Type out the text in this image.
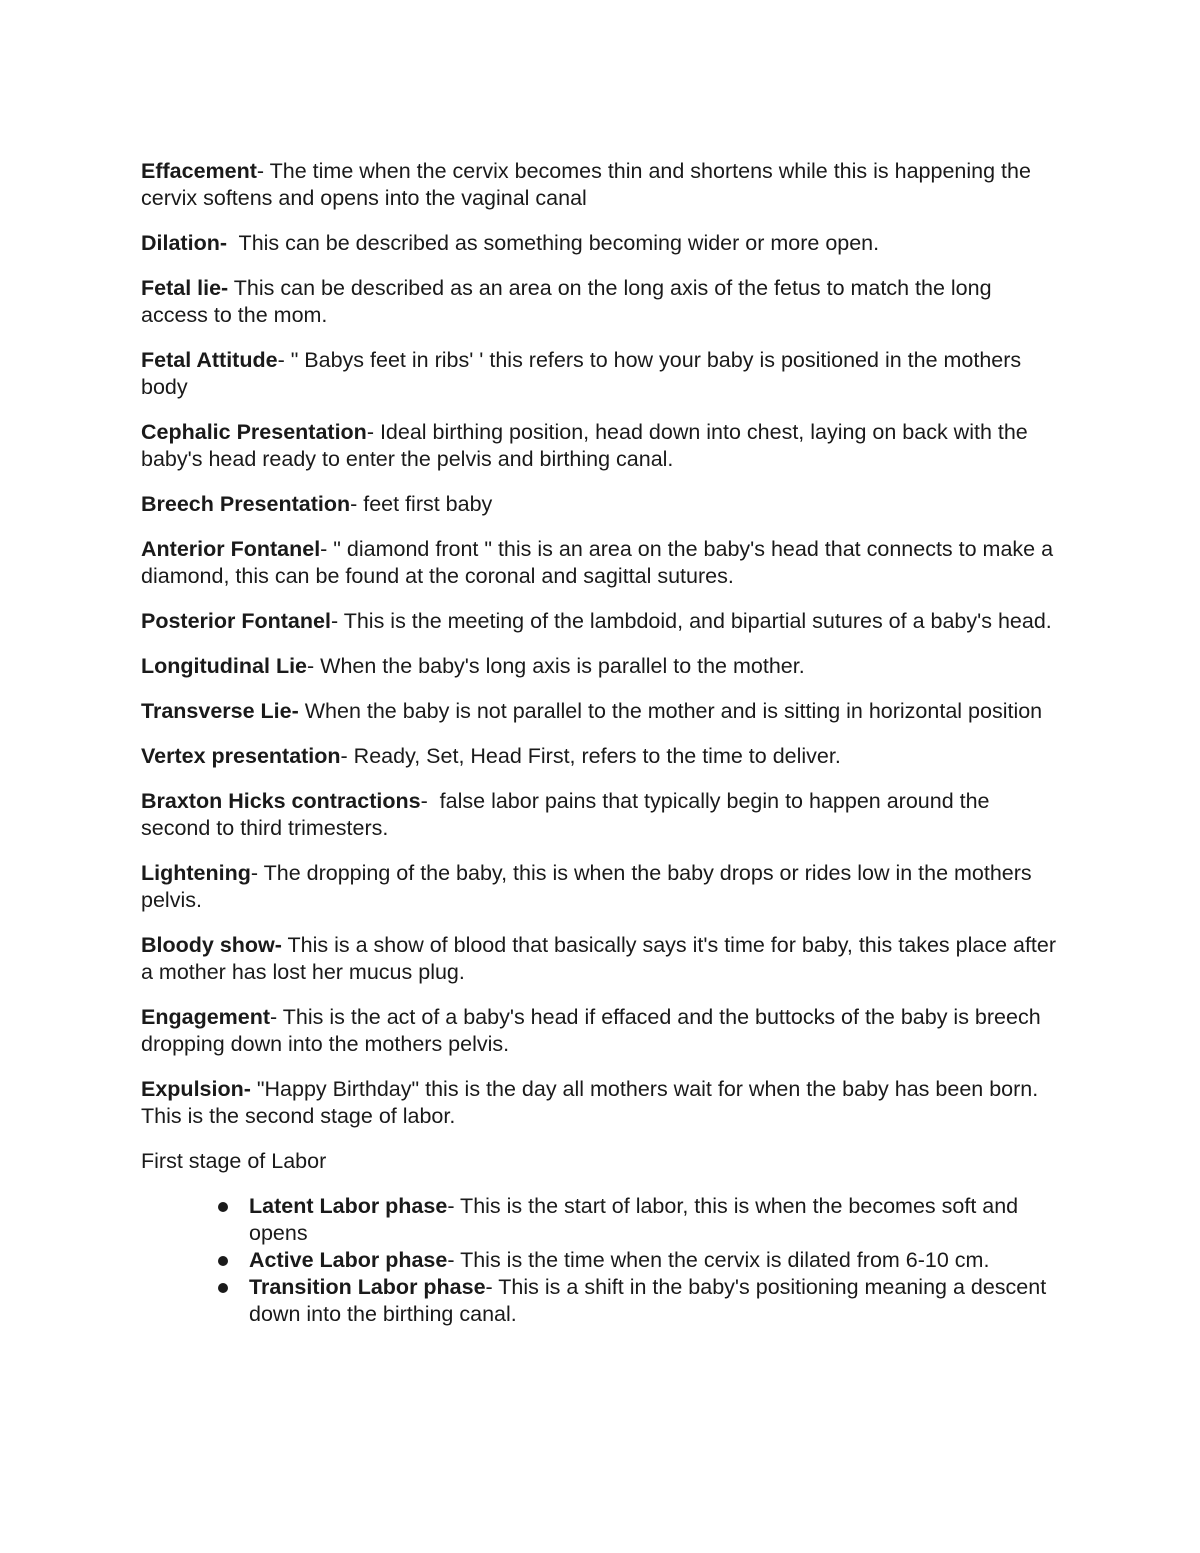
Effacement- The time when the cervix becomes thin and shortens while this is happening the cervix softens and opens into the vaginal canal

Dilation-  This can be described as something becoming wider or more open.

Fetal lie- This can be described as an area on the long axis of the fetus to match the long access to the mom.

Fetal Attitude- " Babys feet in ribs' ' this refers to how your baby is positioned in the mothers body

Cephalic Presentation- Ideal birthing position, head down into chest, laying on back with the baby's head ready to enter the pelvis and birthing canal.

Breech Presentation- feet first baby

Anterior Fontanel- " diamond front " this is an area on the baby's head that connects to make a diamond, this can be found at the coronal and sagittal sutures.

Posterior Fontanel- This is the meeting of the lambdoid, and bipartial sutures of a baby's head.

Longitudinal Lie- When the baby's long axis is parallel to the mother.

Transverse Lie- When the baby is not parallel to the mother and is sitting in horizontal position

Vertex presentation- Ready, Set, Head First, refers to the time to deliver.

Braxton Hicks contractions-  false labor pains that typically begin to happen around the second to third trimesters.

Lightening- The dropping of the baby, this is when the baby drops or rides low in the mothers pelvis.

Bloody show- This is a show of blood that basically says it's time for baby, this takes place after a mother has lost her mucus plug.

Engagement- This is the act of a baby's head if effaced and the buttocks of the baby is breech dropping down into the mothers pelvis.

Expulsion- "Happy Birthday" this is the day all mothers wait for when the baby has been born. This is the second stage of labor.

First stage of Labor

Latent Labor phase- This is the start of labor, this is when the becomes soft and opens
Active Labor phase- This is the time when the cervix is dilated from 6-10 cm.
Transition Labor phase- This is a shift in the baby's positioning meaning a descent down into the birthing canal.
